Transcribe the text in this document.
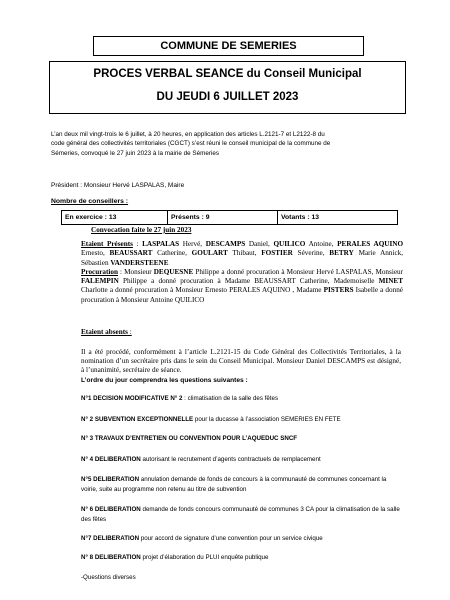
COMMUNE DE SEMERIES
PROCES VERBAL SEANCE du Conseil Municipal
DU JEUDI 6 JUILLET 2023
L’an deux mil vingt-trois le 6 juillet, à 20 heures, en application des articles L.2121-7 et L2122-8 du
code général des collectivités territoriales (CGCT) s’est réuni le conseil municipal de la commune de
Sémeries, convoqué le 27 juin 2023 à la mairie de Sémeries
Président : Monsieur Hervé LASPALAS, Maire
Nombre de conseillers :
En exercice : 13	Présents : 9	Votants : 13
Convocation faite le 27 juin 2023
Etaient Présents : LASPALAS Hervé, DESCAMPS Daniel, QUILICO Antoine, PERALES AQUINO Ernesto, BEAUSSART Catherine, GOULART Thibaut, FOSTIER Séverine, BETRY Marie Annick, Sébastien VANDERSTEENE
Procuration : Monsieur DEQUESNE Philippe a donné procuration à Monsieur Hervé LASPALAS, Monsieur FALEMPIN Philippe a donné procuration à Madame BEAUSSART Catherine, Mademoiselle MINET Charlotte a donné procuration à Monsieur Ernesto PERALES AQUINO , Madame PISTERS Isabelle a donné procuration à Monsieur Antoine QUILICO
Etaient absents :
Il a été procédé, conformément à l’article L.2121-15 du Code Général des Collectivités Territoriales, à la nomination d’un secrétaire pris dans le sein du Conseil Municipal. Monsieur Daniel DESCAMPS est désigné, à l’unanimité, secrétaire de séance.
L’ordre du jour comprendra les questions suivantes :
N°1 DECISION MODIFICATIVE N° 2 : climatisation de la salle des fêtes
N° 2 SUBVENTION EXCEPTIONNELLE pour la ducasse à l’association SEMERIES EN FETE
N° 3 TRAVAUX D’ENTRETIEN OU CONVENTION POUR L’AQUEDUC SNCF
N° 4 DELIBERATION autorisant le recrutement d’agents contractuels de remplacement
N°5 DELIBERATION annulation demande de fonds de concours à la communauté de communes concernant la voirie, suite au programme non retenu au titre de subvention
N° 6 DELIBERATION demande de fonds concours communauté de communes 3 CA pour la climatisation de la salle des fêtes
N°7 DELIBERATION pour accord de signature d’une convention pour un service civique
N° 8 DELIBERATION projet d’élaboration du PLUI enquête publique
-Questions diverses
